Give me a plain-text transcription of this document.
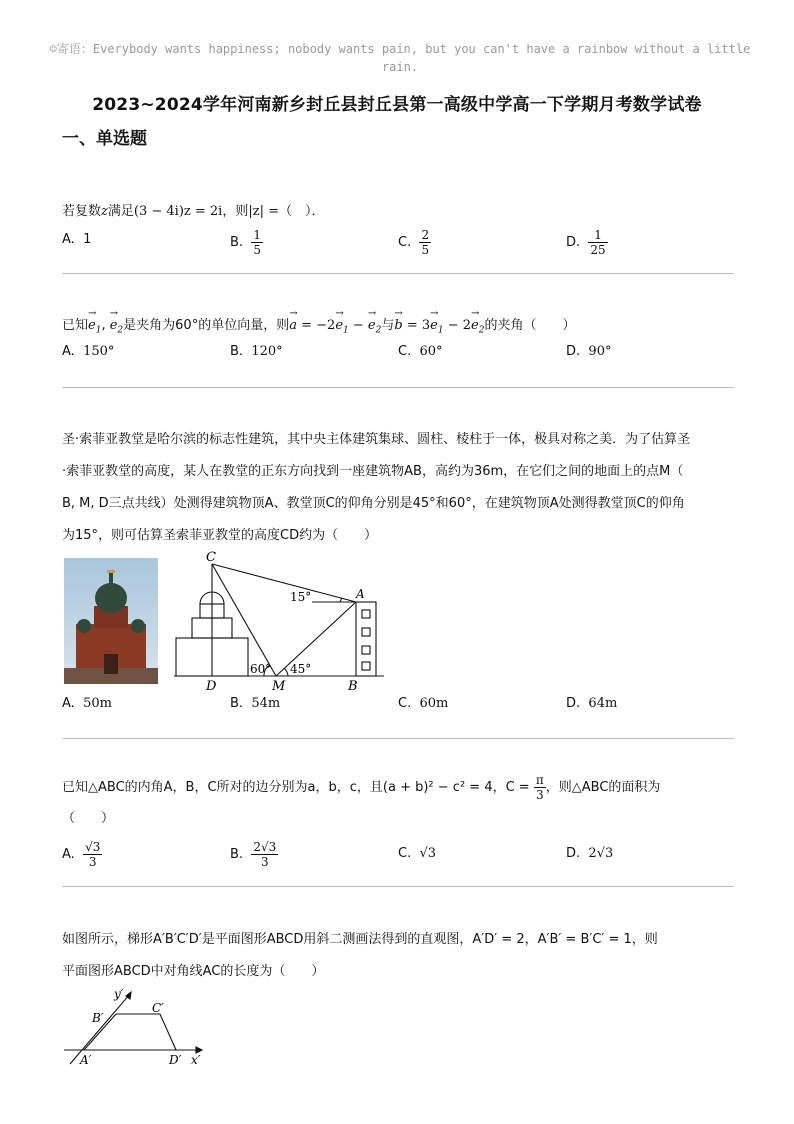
☺寄语：Everybody wants happiness; nobody wants pain, but you can't have a rainbow without a little rain.
2023~2024学年河南新乡封丘县封丘县第一高级中学高一下学期月考数学试卷
一、单选题
若复数z满足(3 − 4i)z = 2i，则|z| =（　）．
A. 1	B. $\frac{1}{5}$	C. $\frac{2}{5}$	D. $\frac{1}{25}$
已知→ $e_1$, → $e_2$是夹角为60°的单位向量，则→ $a = -2\to e_1$ − → $e_2$与→ $b = 3\to e_1 - 2\to e_2$的夹角（　　）
A. 150°	B. 120°	C. 60°	D. 90°
圣·索菲亚教堂是哈尔滨的标志性建筑，其中央主体建筑集球、圆柱、棱柱于一体，极具对称之美．为了估算圣
·索菲亚教堂的高度，某人在教堂的正东方向找到一座建筑物AB，高约为36m，在它们之间的地面上的点M（
B, M, D三点共线）处测得建筑物顶A、教堂顶C的仰角分别是45°和60°，在建筑物顶A处测得教堂顶C的仰角
为15°，则可估算圣索菲亚教堂的高度CD约为（　　）
C
A
D	M	B
15°
60° 45°
A. 50m	B. 54m	C. 60m	D. 64m
已知△ABC的内角A，B，C所对的边分别为a，b，c，且(a + b)² − c² = 4，$C = \frac{\pi}{3}$ ，则△ABC的面积为
（　　）
A. $\frac{√3}{3}$	B. $\frac{2√3}{3}$	C. √3	D. 2√3
如图所示，梯形A′B′C′D′是平面图形ABCD用斜二测画法得到的直观图，A′D′ = 2，A′B′ = B′C′ = 1，则
平面图形ABCD中对角线AC的长度为（　　）
y′
x′
A′
B′
C′
D′
